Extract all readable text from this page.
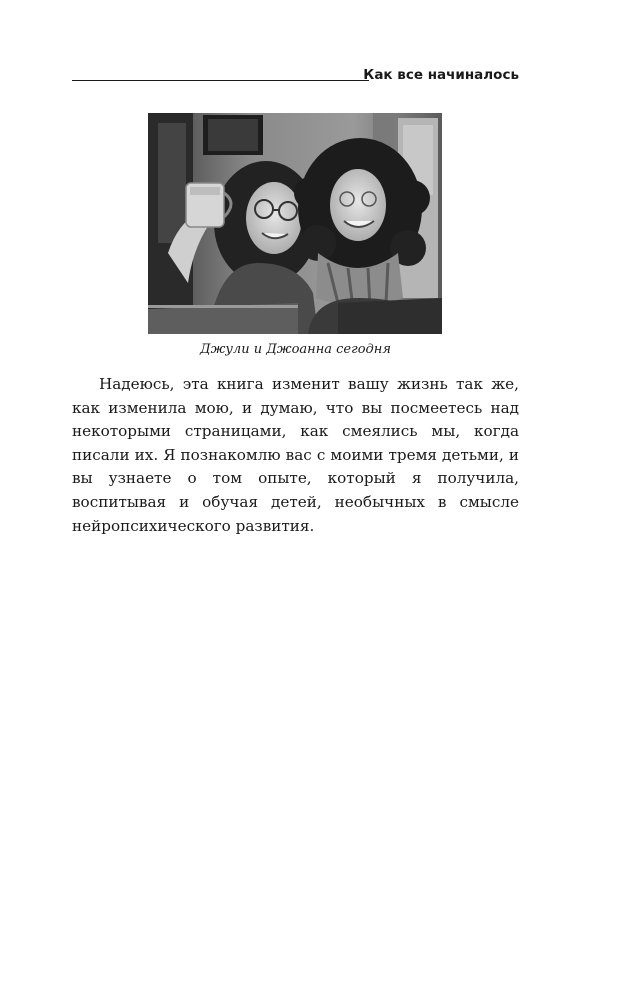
Как все начиналось
Джули и Джоанна сегодня

Надеюсь, эта книга изменит вашу жизнь так же, как изменила мою, и думаю, что вы посмеетесь над некоторыми страницами, как смеялись мы, когда писали их. Я познакомлю вас с моими тремя детьми, и вы узнаете о том опыте, который я получила, воспитывая и обучая детей, необычных в смысле нейропсихического развития.
